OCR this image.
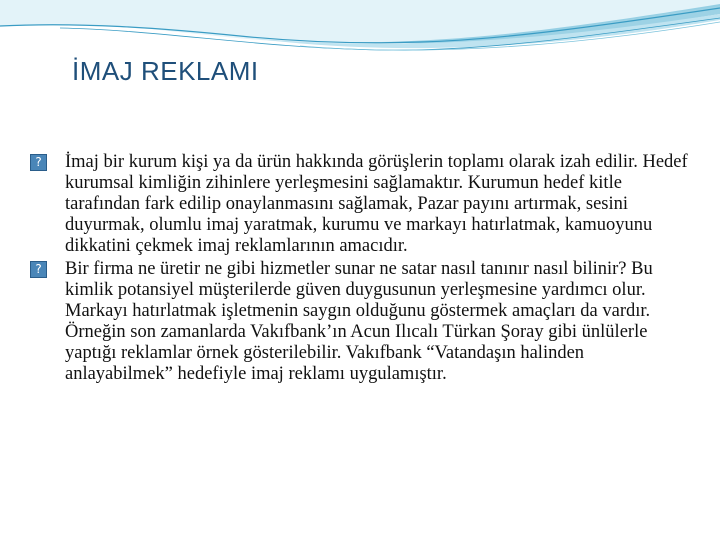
İMAJ REKLAMI
? İmaj bir kurum kişi ya da ürün hakkında görüşlerin toplamı olarak izah edilir. Hedef kurumsal kimliğin zihinlere yerleşmesini sağlamaktır. Kurumun hedef kitle tarafından fark edilip onaylanmasını sağlamak, Pazar payını artırmak, sesini duyurmak, olumlu imaj yaratmak, kurumu ve markayı hatırlatmak, kamuoyunu dikkatini çekmek imaj reklamlarının amacıdır.
? Bir firma ne üretir ne gibi hizmetler sunar ne satar nasıl tanınır nasıl bilinir? Bu kimlik potansiyel müşterilerde güven duygusunun yerleşmesine yardımcı olur. Markayı hatırlatmak işletmenin saygın olduğunu göstermek amaçları da vardır. Örneğin son zamanlarda Vakıfbank’ın Acun Ilıcalı Türkan Şoray gibi ünlülerle yaptığı reklamlar örnek gösterilebilir. Vakıfbank “Vatandaşın halinden anlayabilmek” hedefiyle imaj reklamı uygulamıştır.
